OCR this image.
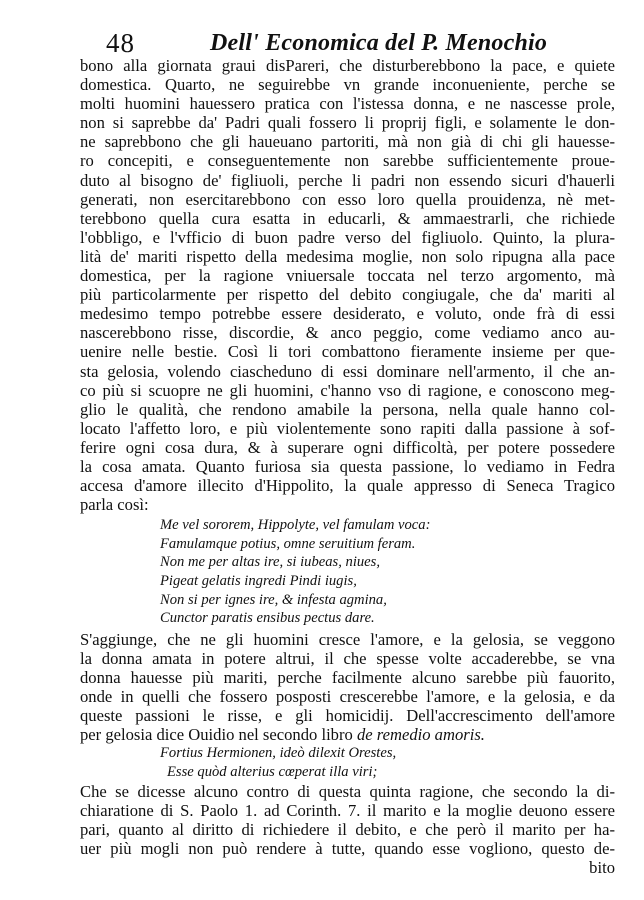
48	Dell' Economica del P. Menochio
bono alla giornata graui disPareri, che disturberebbono la pace, e quiete
domestica. Quarto, ne seguirebbe vn grande inconueniente, perche se
molti huomini hauessero pratica con l'istessa donna, e ne nascesse prole,
non si saprebbe da' Padri quali fossero li proprij figli, e solamente le don-
ne saprebbono che gli haueuano partoriti, mà non già di chi gli hauesse-
ro concepiti, e conseguentemente non sarebbe sufficientemente proue-
duto al bisogno de' figliuoli, perche li padri non essendo sicuri d'hauerli
generati, non esercitarebbono con esso loro quella prouidenza, nè met-
terebbono quella cura esatta in educarli, & ammaestrarli, che richiede
l'obbligo, e l'vfficio di buon padre verso del figliuolo. Quinto, la plura-
lità de' mariti rispetto della medesima moglie, non solo ripugna alla pace
domestica, per la ragione vniuersale toccata nel terzo argomento, mà
più particolarmente per rispetto del debito congiugale, che da' mariti al
medesimo tempo potrebbe essere desiderato, e voluto, onde frà di essi
nascerebbono risse, discordie, & anco peggio, come vediamo anco au-
uenire nelle bestie. Così li tori combattono fieramente insieme per que-
sta gelosia, volendo ciascheduno di essi dominare nell'armento, il che an-
co più si scuopre ne gli huomini, c'hanno vso di ragione, e conoscono meg-
glio le qualità, che rendono amabile la persona, nella quale hanno col-
locato l'affetto loro, e più violentemente sono rapiti dalla passione à sof-
ferire ogni cosa dura, & à superare ogni difficoltà, per potere possedere
la cosa amata. Quanto furiosa sia questa passione, lo vediamo in Fedra
accesa d'amore illecito d'Hippolito, la quale appresso di Seneca Tragico
parla così:
Me vel sororem, Hippolyte, vel famulam voca:
Famulamque potius, omne seruitium feram.
Non me per altas ire, si iubeas, niues,
Pigeat gelatis ingredi Pindi iugis,
Non si per ignes ire, & infesta agmina,
Cunctor paratis ensibus pectus dare.
S'aggiunge, che ne gli huomini cresce l'amore, e la gelosia, se veggono
la donna amata in potere altrui, il che spesse volte accaderebbe, se vna
donna hauesse più mariti, perche facilmente alcuno sarebbe più fauorito,
onde in quelli che fossero posposti crescerebbe l'amore, e la gelosia, e da
queste passioni le risse, e gli homicidij. Dell'accrescimento dell'amore
per gelosia dice Ouidio nel secondo libro de remedio amoris.
Fortius Hermionen, ideò dilexit Orestes,
Esse quòd alterius cœperat illa viri;
Che se dicesse alcuno contro di questa quinta ragione, che secondo la di-
chiaratione di S. Paolo 1. ad Corinth. 7. il marito e la moglie deuono essere
pari, quanto al diritto di richiedere il debito, e che però il marito per ha-
uer più mogli non può rendere à tutte, quando esse vogliono, questo de-
bito
